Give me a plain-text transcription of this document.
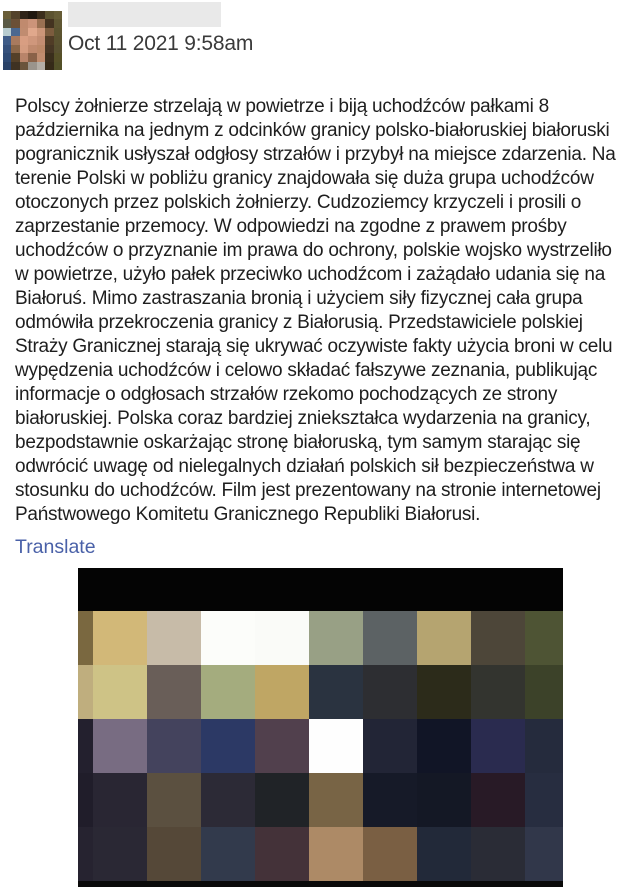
Oct 11 2021 9:58am
Polscy żołnierze strzelają w powietrze i biją uchodźców pałkami 8 października na jednym z odcinków granicy polsko-białoruskiej białoruski pogranicznik usłyszał odgłosy strzałów i przybył na miejsce zdarzenia. Na terenie Polski w pobliżu granicy znajdowała się duża grupa uchodźców otoczonych przez polskich żołnierzy. Cudzoziemcy krzyczeli i prosili o zaprzestanie przemocy. W odpowiedzi na zgodne z prawem prośby uchodźców o przyznanie im prawa do ochrony, polskie wojsko wystrzeliło w powietrze, użyło pałek przeciwko uchodźcom i zażądało udania się na Białoruś. Mimo zastraszania bronią i użyciem siły fizycznej cała grupa odmówiła przekroczenia granicy z Białorusią. Przedstawiciele polskiej Straży Granicznej starają się ukrywać oczywiste fakty użycia broni w celu wypędzenia uchodźców i celowo składać fałszywe zeznania, publikując informacje o odgłosach strzałów rzekomo pochodzących ze strony białoruskiej. Polska coraz bardziej zniekształca wydarzenia na granicy, bezpodstawnie oskarżając stronę białoruską, tym samym starając się odwrócić uwagę od nielegalnych działań polskich sił bezpieczeństwa w stosunku do uchodźców. Film jest prezentowany na stronie internetowej Państwowego Komitetu Granicznego Republiki Białorusi.
Translate
